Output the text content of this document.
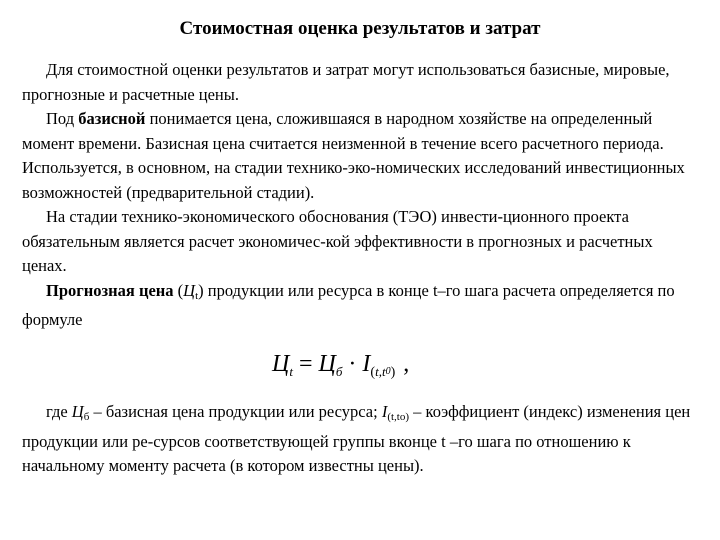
Стоимостная оценка результатов и затрат

Для стоимостной оценки результатов и затрат могут использоваться базисные, мировые, прогнозные и расчетные цены.

Под базисной понимается цена, сложившаяся в народном хозяйстве на определенный момент времени. Базисная цена считается неизменной в течение всего расчетного периода. Используется, в основном, на стадии технико-эко-номических исследований инвестиционных возможностей (предварительной стадии).

На стадии технико-экономического обоснования (ТЭО) инвести-ционного проекта обязательным является расчет экономичес-кой эффективности в прогнозных и расчетных ценах.

Прогнозная цена $(Ц_t)$ продукции или ресурса в конце t–го шага расчета определяется по формуле

$Ц_t = Ц_б \cdot I_{(t,t}0_)$ ,

где $Ц_б$ – базисная цена продукции или ресурса; $I_{(t,to)}$ – коэффициент (индекс) изменения цен продукции или ре-сурсов соответствующей группы вконце t –го шага по отношению к начальному моменту расчета (в котором известны цены).
